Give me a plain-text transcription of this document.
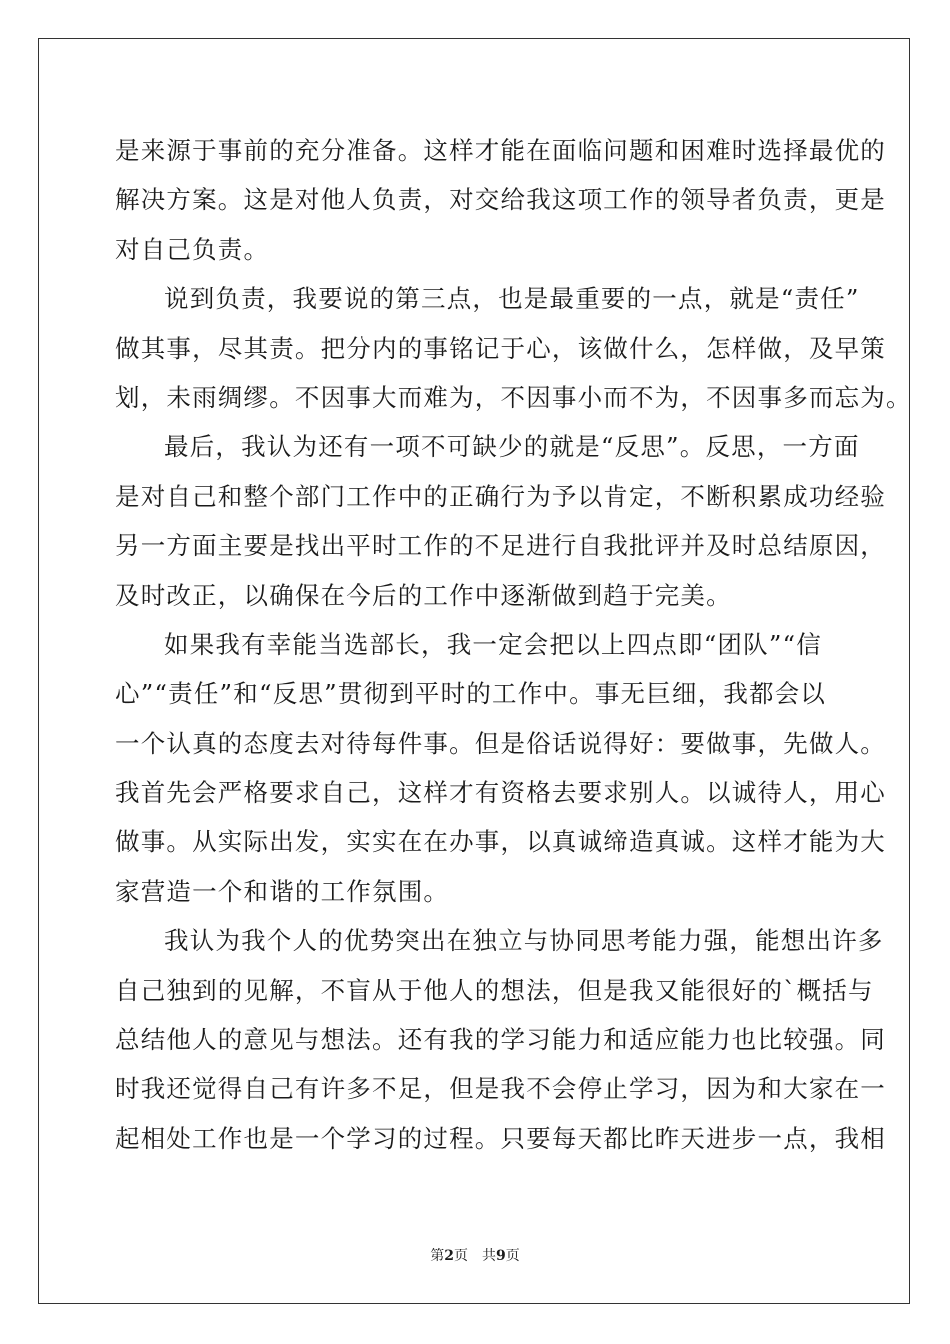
是来源于事前的充分准备。这样才能在面临问题和困难时选择最优的
解决方案。这是对他人负责，对交给我这项工作的领导者负责，更是
对自己负责。
说到负责，我要说的第三点，也是最重要的一点，就是“责任”
做其事，尽其责。把分内的事铭记于心，该做什么，怎样做，及早策
划，未雨绸缪。不因事大而难为，不因事小而不为，不因事多而忘为。
最后，我认为还有一项不可缺少的就是“反思”。反思，一方面
是对自己和整个部门工作中的正确行为予以肯定，不断积累成功经验
另一方面主要是找出平时工作的不足进行自我批评并及时总结原因，
及时改正，以确保在今后的工作中逐渐做到趋于完美。
如果我有幸能当选部长，我一定会把以上四点即“团队”“信
心”“责任”和“反思”贯彻到平时的工作中。事无巨细，我都会以
一个认真的态度去对待每件事。但是俗话说得好：要做事，先做人。
我首先会严格要求自己，这样才有资格去要求别人。以诚待人，用心
做事。从实际出发，实实在在办事，以真诚缔造真诚。这样才能为大
家营造一个和谐的工作氛围。
我认为我个人的优势突出在独立与协同思考能力强，能想出许多
自己独到的见解，不盲从于他人的想法，但是我又能很好的`概括与
总结他人的意见与想法。还有我的学习能力和适应能力也比较强。同
时我还觉得自己有许多不足，但是我不会停止学习，因为和大家在一
起相处工作也是一个学习的过程。只要每天都比昨天进步一点，我相
第2页 共9页
